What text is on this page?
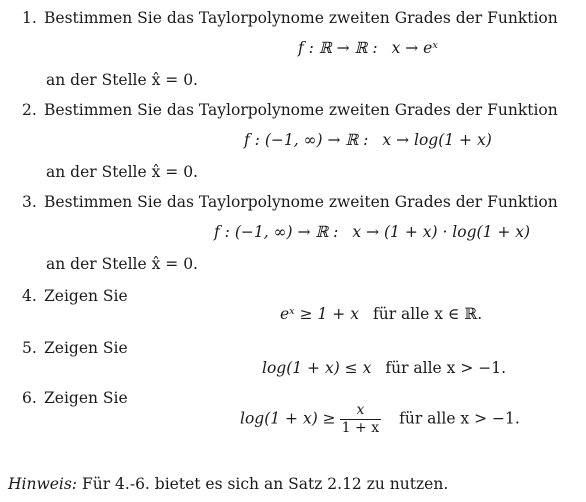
1. Bestimmen Sie das Taylorpolynome zweiten Grades der Funktion
f : ℝ → ℝ : x → eˣ
an der Stelle x̂ = 0.
2. Bestimmen Sie das Taylorpolynome zweiten Grades der Funktion
f : (−1, ∞) → ℝ : x → log(1 + x)
an der Stelle x̂ = 0.
3. Bestimmen Sie das Taylorpolynome zweiten Grades der Funktion
f : (−1, ∞) → ℝ : x → (1 + x) · log(1 + x)
an der Stelle x̂ = 0.
4. Zeigen Sie
eˣ ≥ 1 + x für alle x ∈ ℝ.
5. Zeigen Sie
log(1 + x) ≤ x für alle x > −1.
6. Zeigen Sie
$\log(1 + x) \ge \frac{x}{1 + x}$ für alle x > −1.
Hinweis: Für 4.-6. bietet es sich an Satz 2.12 zu nutzen.
